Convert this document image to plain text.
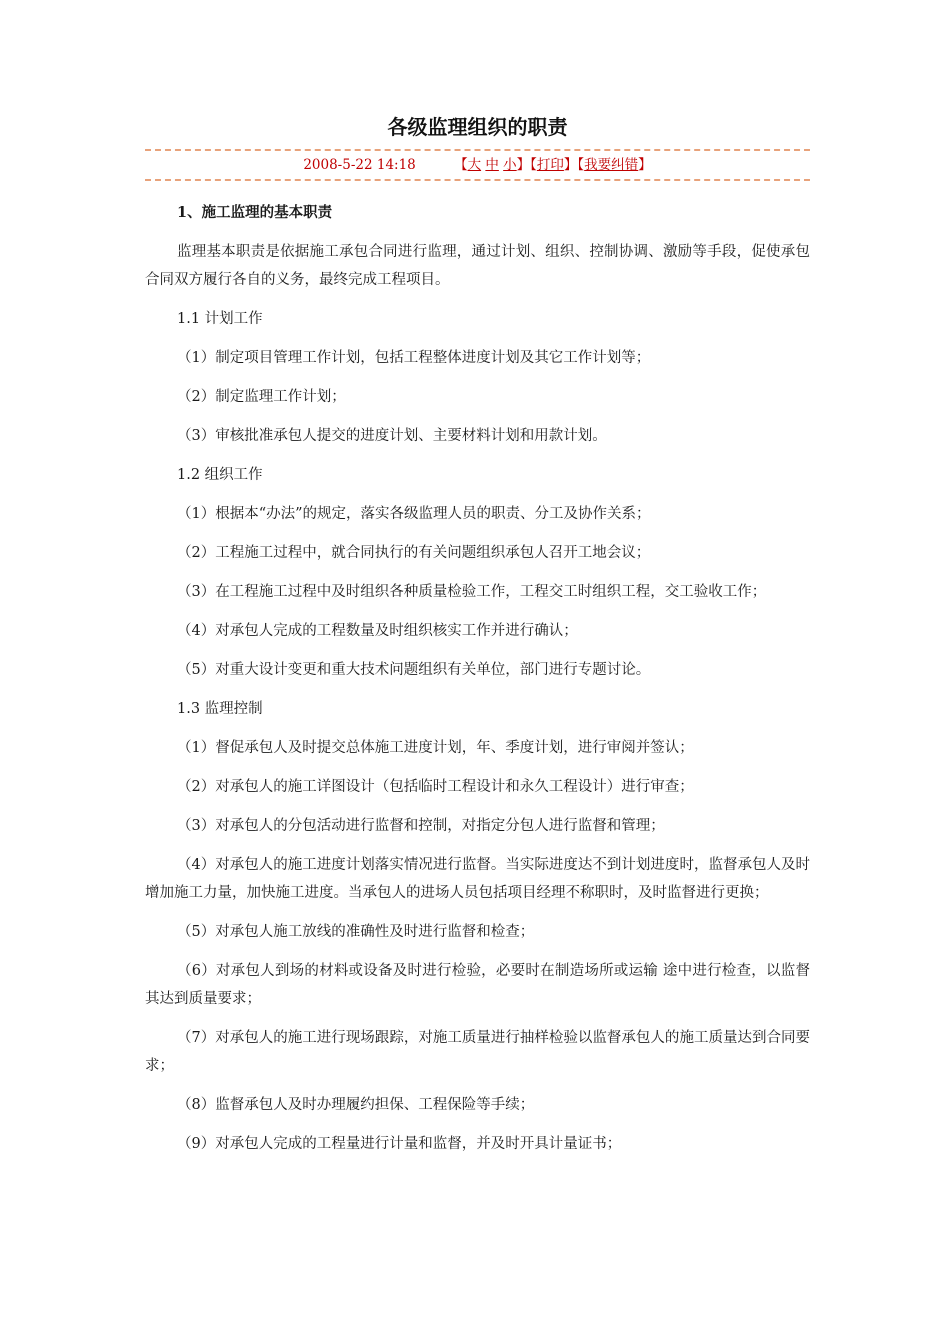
各级监理组织的职责
2008-5-22 14:18	【大 中 小】【打印】【我要纠错】

1、施工监理的基本职责

监理基本职责是依据施工承包合同进行监理，通过计划、组织、控制协调、激励等手段，促使承包合同双方履行各自的义务，最终完成工程项目。

1.1 计划工作

（1）制定项目管理工作计划，包括工程整体进度计划及其它工作计划等；

（2）制定监理工作计划；

（3）审核批准承包人提交的进度计划、主要材料计划和用款计划。

1.2 组织工作

（1）根据本“办法”的规定，落实各级监理人员的职责、分工及协作关系；

（2）工程施工过程中，就合同执行的有关问题组织承包人召开工地会议；

（3）在工程施工过程中及时组织各种质量检验工作，工程交工时组织工程，交工验收工作；

（4）对承包人完成的工程数量及时组织核实工作并进行确认；

（5）对重大设计变更和重大技术问题组织有关单位，部门进行专题讨论。

1.3 监理控制

（1）督促承包人及时提交总体施工进度计划，年、季度计划，进行审阅并签认；

（2）对承包人的施工详图设计（包括临时工程设计和永久工程设计）进行审查；

（3）对承包人的分包活动进行监督和控制，对指定分包人进行监督和管理；

（4）对承包人的施工进度计划落实情况进行监督。当实际进度达不到计划进度时，监督承包人及时增加施工力量，加快施工进度。当承包人的进场人员包括项目经理不称职时，及时监督进行更换；

（5）对承包人施工放线的准确性及时进行监督和检查；

（6）对承包人到场的材料或设备及时进行检验，必要时在制造场所或运输 途中进行检查，以监督其达到质量要求；

（7）对承包人的施工进行现场跟踪，对施工质量进行抽样检验以监督承包人的施工质量达到合同要求；

（8）监督承包人及时办理履约担保、工程保险等手续；

（9）对承包人完成的工程量进行计量和监督，并及时开具计量证书；
